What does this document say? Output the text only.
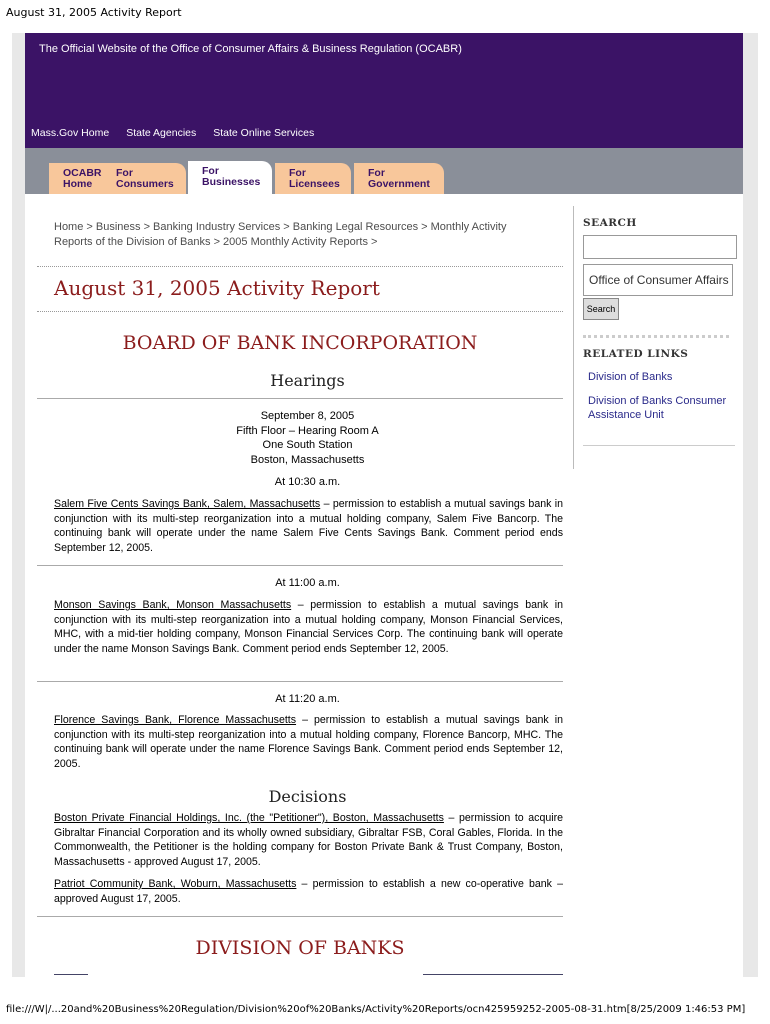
August 31, 2005 Activity Report
The Official Website of the Office of Consumer Affairs & Business Regulation (OCABR)
Mass.Gov Home State Agencies State Online Services
OCABR
Home
For
Consumers
For
Businesses
For
Licensees
For
Government
Home > Business > Banking Industry Services > Banking Legal Resources > Monthly Activity Reports of the Division of Banks > 2005 Monthly Activity Reports >
August 31, 2005 Activity Report
BOARD OF BANK INCORPORATION
Hearings
September 8, 2005
Fifth Floor – Hearing Room A
One South Station
Boston, Massachusetts
At 10:30 a.m.
Salem Five Cents Savings Bank, Salem, Massachusetts – permission to establish a mutual savings bank in conjunction with its multi-step reorganization into a mutual holding company, Salem Five Bancorp. The continuing bank will operate under the name Salem Five Cents Savings Bank. Comment period ends September 12, 2005.
At 11:00 a.m.
Monson Savings Bank, Monson Massachusetts – permission to establish a mutual savings bank in conjunction with its multi-step reorganization into a mutual holding company, Monson Financial Services, MHC, with a mid-tier holding company, Monson Financial Services Corp. The continuing bank will operate under the name Monson Savings Bank. Comment period ends September 12, 2005.
At 11:20 a.m.
Florence Savings Bank, Florence Massachusetts – permission to establish a mutual savings bank in conjunction with its multi-step reorganization into a mutual holding company, Florence Bancorp, MHC. The continuing bank will operate under the name Florence Savings Bank. Comment period ends September 12, 2005.
Decisions
Boston Private Financial Holdings, Inc. (the "Petitioner"), Boston, Massachusetts – permission to acquire Gibraltar Financial Corporation and its wholly owned subsidiary, Gibraltar FSB, Coral Gables, Florida. In the Commonwealth, the Petitioner is the holding company for Boston Private Bank & Trust Company, Boston, Massachusetts - approved August 17, 2005.
Patriot Community Bank, Woburn, Massachusetts – permission to establish a new co-operative bank – approved August 17, 2005.
DIVISION OF BANKS
SEARCH
Office of Consumer Affairs
Search
RELATED LINKS
Division of Banks
Division of Banks Consumer Assistance Unit
file:///W|/...20and%20Business%20Regulation/Division%20of%20Banks/Activity%20Reports/ocn425959252-2005-08-31.htm[8/25/2009 1:46:53 PM]
